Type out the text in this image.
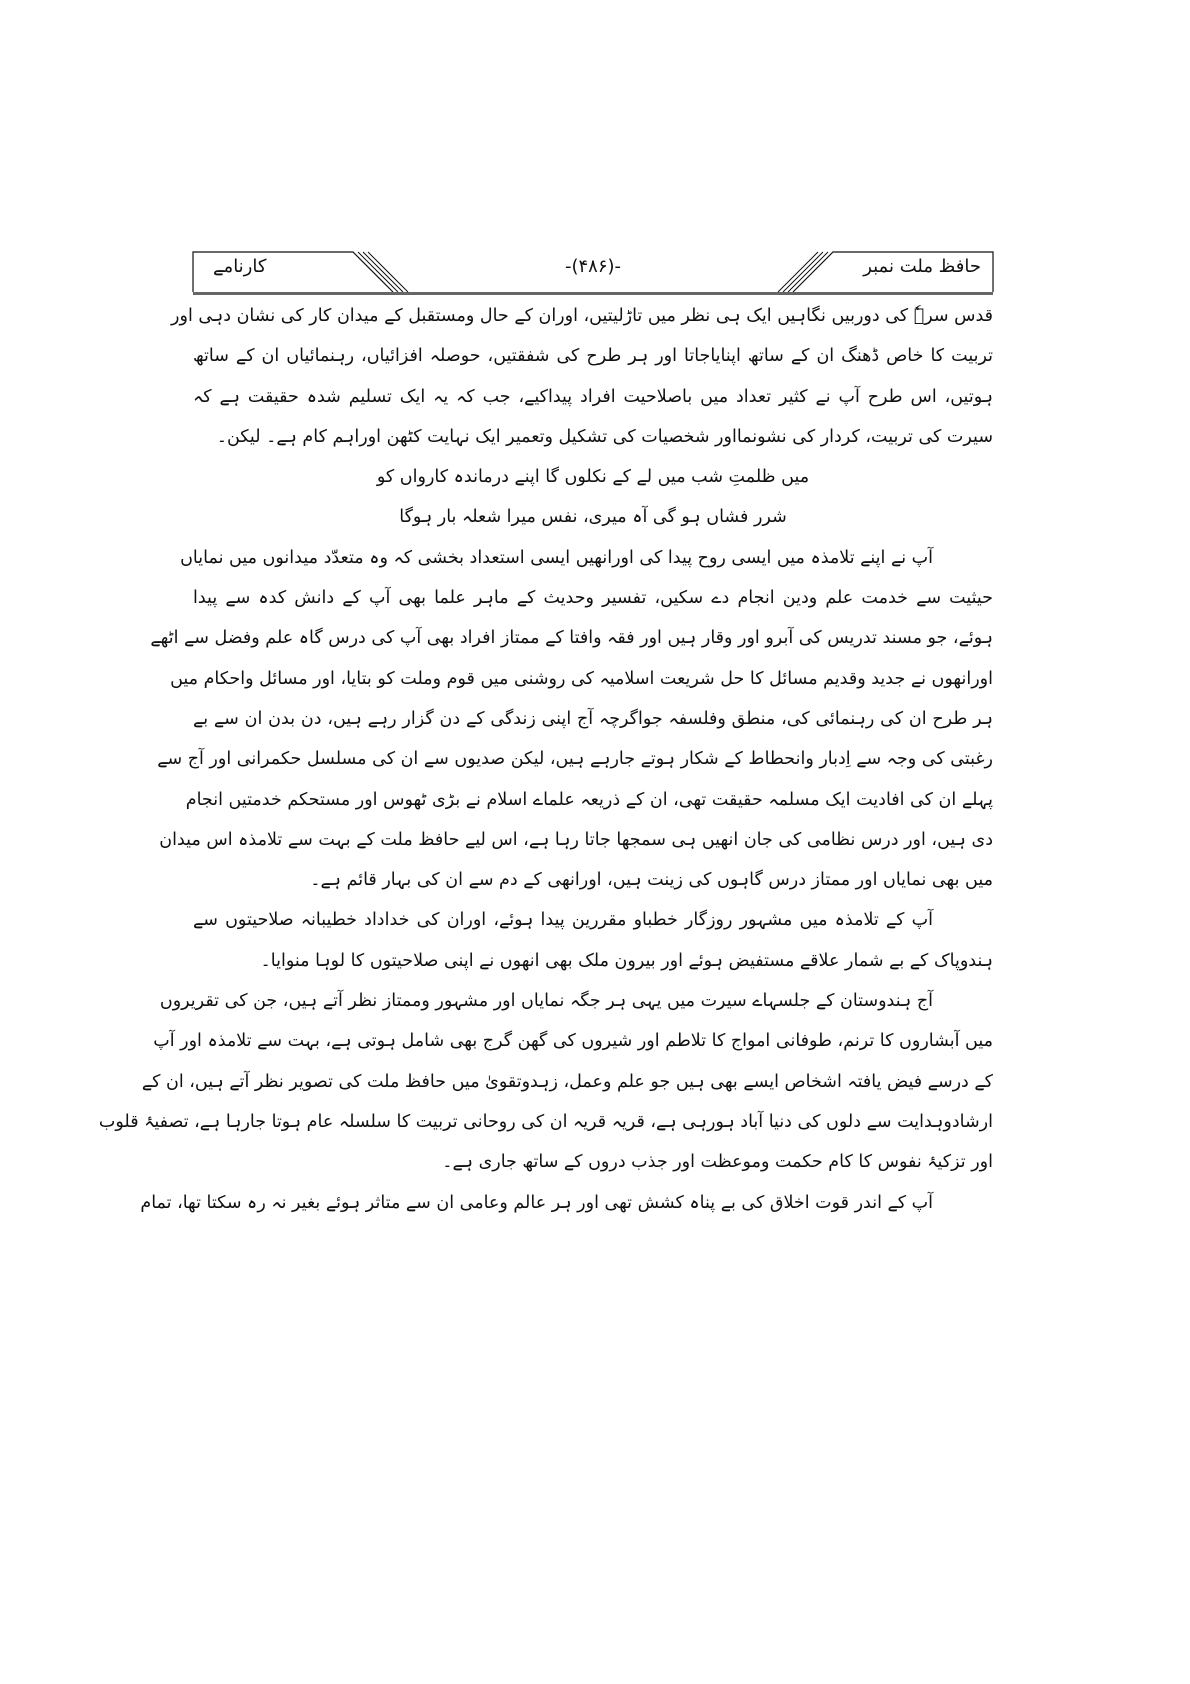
کارنامے	-(۴۸۶)-	حافظ ملت نمبر
قدس سرہٗ کی دوربیں نگاہیں ایک ہی نظر میں تاڑلیتیں، اوران کے حال ومستقبل کے میدان کار کی نشان دہی اور
تربیت کا خاص ڈھنگ ان کے ساتھ اپنایاجاتا اور ہر طرح کی شفقتیں، حوصلہ افزائیاں، رہنمائیاں ان کے ساتھ
ہوتیں، اس طرح آپ نے کثیر تعداد میں باصلاحیت افراد پیداکیے، جب کہ یہ ایک تسلیم شدہ حقیقت ہے کہ
سیرت کی تربیت، کردار کی نشونمااور شخصیات کی تشکیل وتعمیر ایک نہایت کٹھن اوراہم کام ہے۔ لیکن۔
میں ظلمتِ شب میں لے کے نکلوں گا اپنے درماندہ کارواں کو
شرر فشاں ہو گی آہ میری، نفس میرا شعلہ بار ہوگا
آپ نے اپنے تلامذہ میں ایسی روح پیدا کی اورانھیں ایسی استعداد بخشی کہ وہ متعدّد میدانوں میں نمایاں
حیثیت سے خدمت علم ودین انجام دے سکیں، تفسیر وحدیث کے ماہر علما بھی آپ کے دانش کدہ سے پیدا
ہوئے، جو مسند تدریس کی آبرو اور وقار ہیں اور فقہ وافتا کے ممتاز افراد بھی آپ کی درس گاہ علم وفضل سے اٹھے
اورانھوں نے جدید وقدیم مسائل کا حل شریعت اسلامیہ کی روشنی میں قوم وملت کو بتایا، اور مسائل واحکام میں
ہر طرح ان کی رہنمائی کی، منطق وفلسفہ جواگرچہ آج اپنی زندگی کے دن گزار رہے ہیں، دن بدن ان سے بے
رغبتی کی وجہ سے اِدبار وانحطاط کے شکار ہوتے جارہے ہیں، لیکن صدیوں سے ان کی مسلسل حکمرانی اور آج سے
پہلے ان کی افادیت ایک مسلمہ حقیقت تھی، ان کے ذریعہ علماے اسلام نے بڑی ٹھوس اور مستحکم خدمتیں انجام
دی ہیں، اور درس نظامی کی جان انھیں ہی سمجھا جاتا رہا ہے، اس لیے حافظ ملت کے بہت سے تلامذہ اس میدان
میں بھی نمایاں اور ممتاز درس گاہوں کی زینت ہیں، اورانھی کے دم سے ان کی بہار قائم ہے۔
آپ کے تلامذہ میں مشہور روزگار خطباو مقررین پیدا ہوئے، اوران کی خداداد خطیبانہ صلاحیتوں سے
ہندوپاک کے بے شمار علاقے مستفیض ہوئے اور بیرون ملک بھی انھوں نے اپنی صلاحیتوں کا لوہا منوایا۔
آج ہندوستان کے جلسہاے سیرت میں یہی ہر جگہ نمایاں اور مشہور وممتاز نظر آتے ہیں، جن کی تقریروں
میں آبشاروں کا ترنم، طوفانی امواج کا تلاطم اور شیروں کی گھن گرج بھی شامل ہوتی ہے، بہت سے تلامذہ اور آپ
کے درسے فیض یافتہ اشخاص ایسے بھی ہیں جو علم وعمل، زہدوتقویٰ میں حافظ ملت کی تصویر نظر آتے ہیں، ان کے
ارشادوہدایت سے دلوں کی دنیا آباد ہورہی ہے، قریہ قریہ ان کی روحانی تربیت کا سلسلہ عام ہوتا جارہا ہے، تصفیۂ قلوب
اور تزکیۂ نفوس کا کام حکمت وموعظت اور جذب دروں کے ساتھ جاری ہے۔
آپ کے اندر قوت اخلاق کی بے پناہ کشش تھی اور ہر عالم وعامی ان سے متاثر ہوئے بغیر نہ رہ سکتا تھا، تمام
